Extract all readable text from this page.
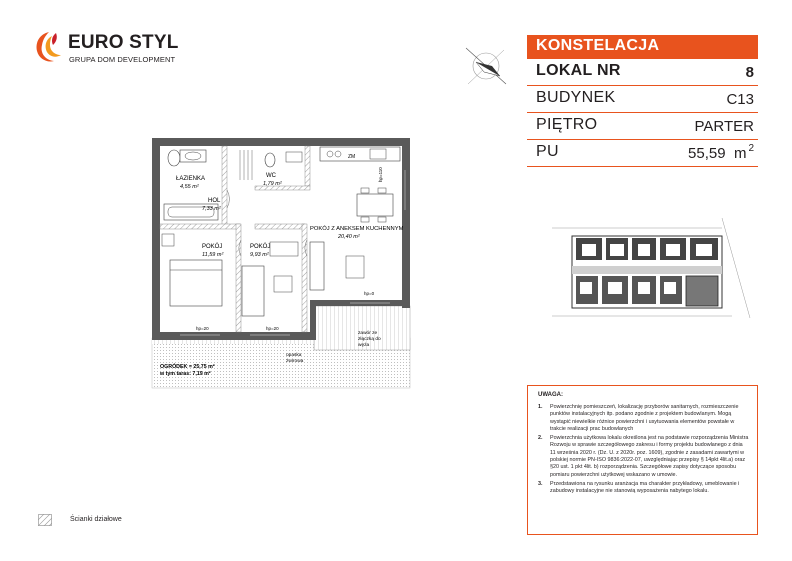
EURO STYL
GRUPA DOM DEVELOPMENT
KONSTELACJA
LOKAL NR	8
BUDYNEK	C13
PIĘTRO	PARTER
PU	55,59 m $^2$
ŁAZIENKA
4,55 m²
HOL
7,33 m²
WC
1,79 m²
POKÓJ Z ANEKSEM KUCHENNYM
20,40 m²
POKÓJ
11,59 m²
POKÓJ
9,93 m²
ZM
hp=110
hp=0
hp=20	hp=20
zawór ze
złączką do
węża
opaska
żwirowa
OGRÓDEK = 25,75 m²
w tym taras: 7,19 m²
UWAGA:
1. Powierzchnię pomieszczeń, lokalizację przyborów sanitarnych, rozmieszczenie punktów instalacyjnych itp. podano zgodnie z projektem budowlanym. Mogą wystąpić niewielkie różnice powierzchni i usytuowania elementów powstałe w trakcie realizacji prac budowlanych
2. Powierzchnia użytkowa lokalu określona jest na podstawie rozporządzenia Ministra Rozwoju w sprawie szczegółowego zakresu i formy projektu budowlanego z dnia 11 września 2020 r. (Dz. U. z 2020r. poz. 1609), zgodnie z zasadami zawartymi w polskiej normie PN-ISO 9836:2022-07, uwzględniając przepisy § 14pkt 4lit.a) oraz §20 ust. 1 pkt 4lit. b) rozporządzenia. Szczegółowe zapisy dotyczące sposobu pomiaru powierzchni użytkowej wskazano w umowie.
3. Przedstawiona na rysunku aranżacja ma charakter przykładowy, umeblowanie i zabudowy instalacyjne nie stanowią wyposażenia nabytego lokalu.
Ścianki działowe
